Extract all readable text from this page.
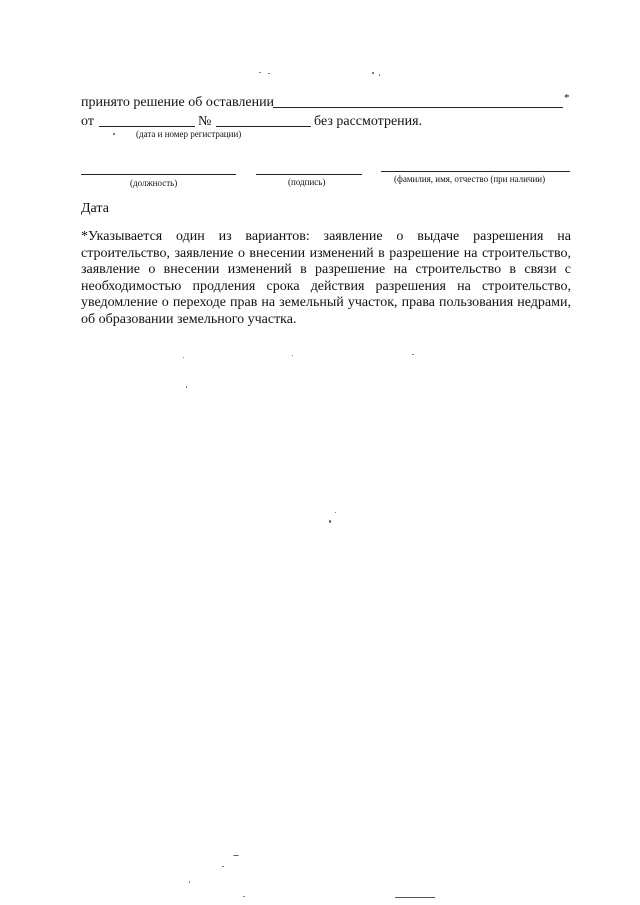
принято решение об оставлении	*
от	№	без рассмотрения.
(дата и номер регистрации)
(должность)	(подпись)	(фамилия, имя, отчество (при наличии)
Дата
*Указывается один из вариантов: заявление о выдаче разрешения на строительство, заявление о внесении изменений в разрешение на строительство, заявление о внесении изменений в разрешение на строительство в связи с необходимостью продления срока действия разрешения на строительство, уведомление о переходе прав на земельный участок, права пользования недрами, об образовании земельного участка.
